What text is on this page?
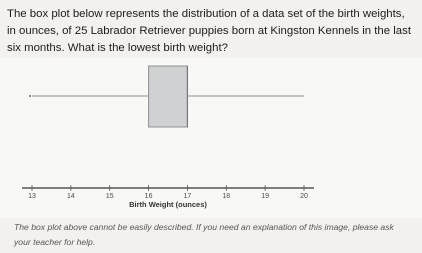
The box plot below represents the distribution of a data set of the birth weights, in ounces, of 25 Labrador Retriever puppies born at Kingston Kennels in the last six months. What is the lowest birth weight?

13	14	15	16	17	18	19	20
Birth Weight (ounces)

The box plot above cannot be easily described. If you need an explanation of this image, please ask your teacher for help.
